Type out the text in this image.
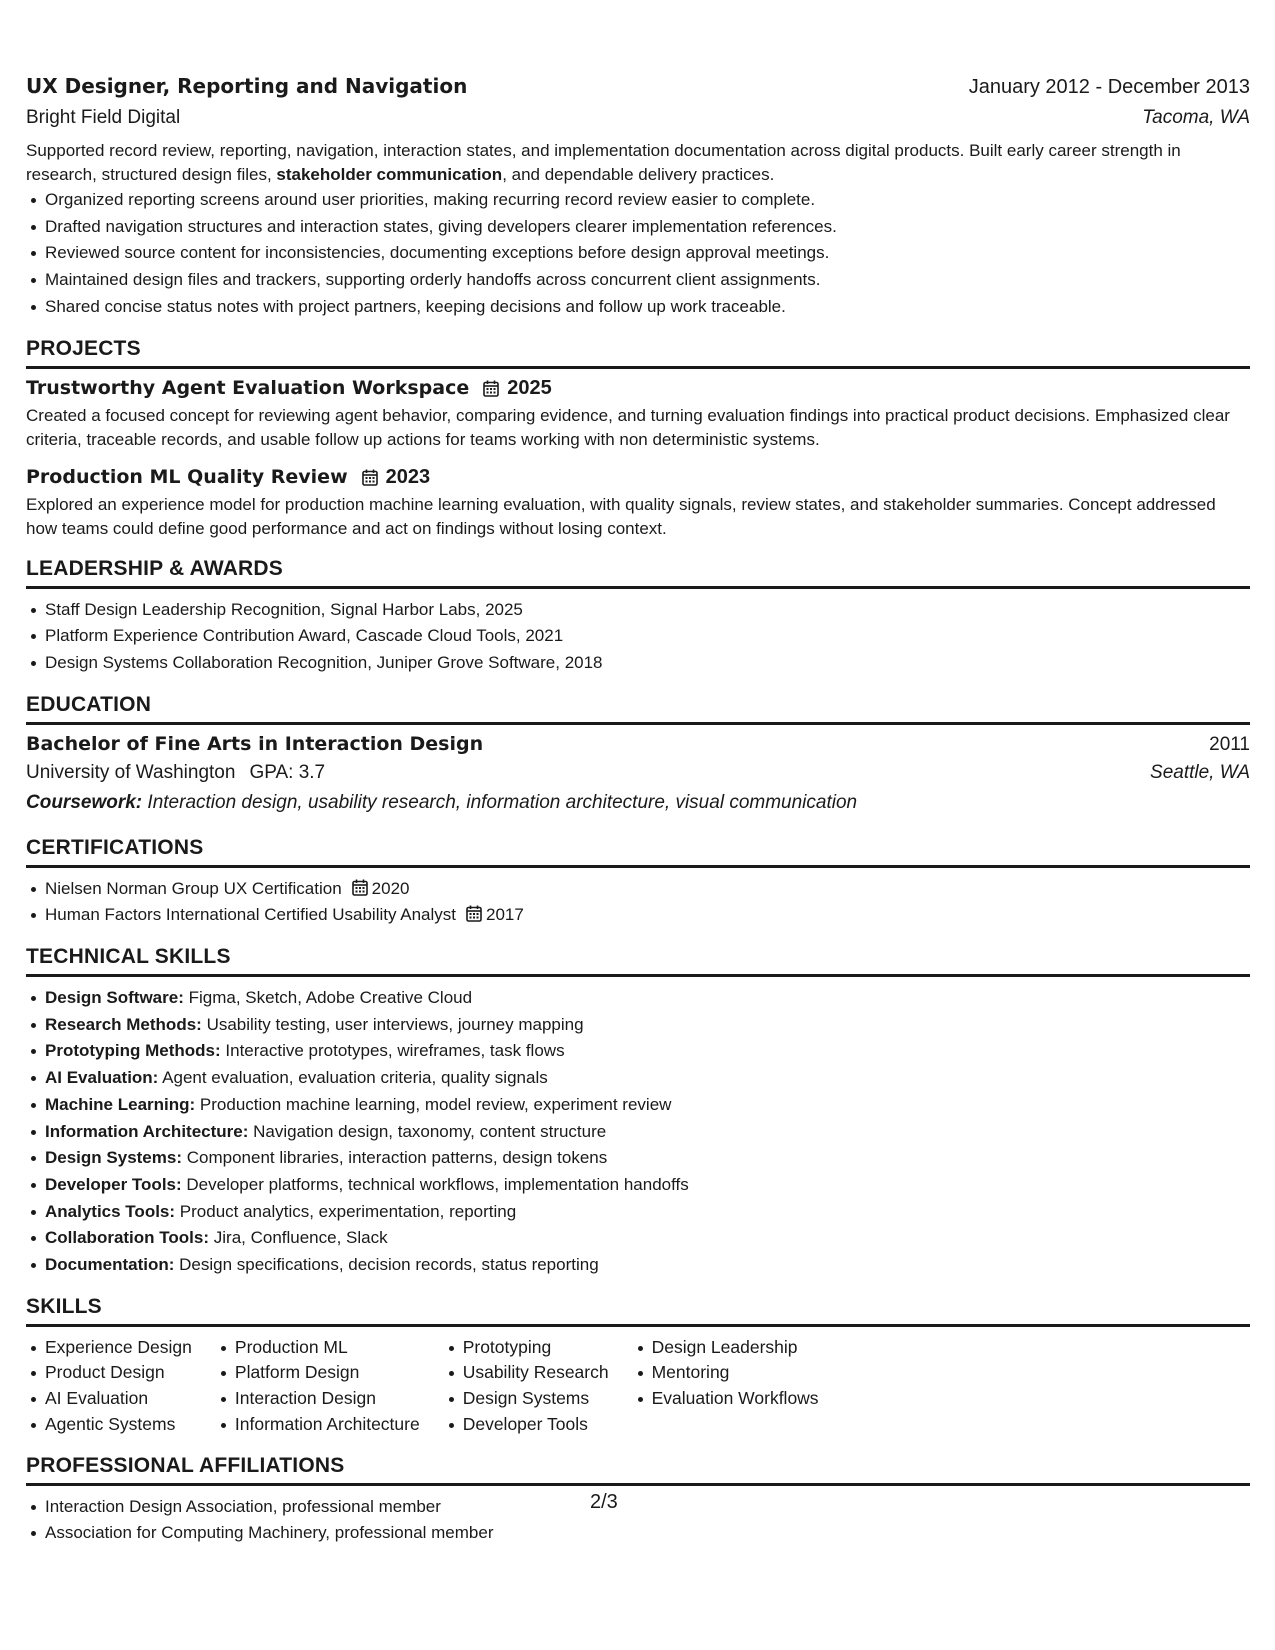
UX Designer, Reporting and Navigation	January 2012 - December 2013
Bright Field Digital	Tacoma, WA
Supported record review, reporting, navigation, interaction states, and implementation documentation across digital products. Built early career strength in research, structured design files, stakeholder communication, and dependable delivery practices.
Organized reporting screens around user priorities, making recurring record review easier to complete.
Drafted navigation structures and interaction states, giving developers clearer implementation references.
Reviewed source content for inconsistencies, documenting exceptions before design approval meetings.
Maintained design files and trackers, supporting orderly handoffs across concurrent client assignments.
Shared concise status notes with project partners, keeping decisions and follow up work traceable.
PROJECTS
Trustworthy Agent Evaluation Workspace 2025
Created a focused concept for reviewing agent behavior, comparing evidence, and turning evaluation findings into practical product decisions. Emphasized clear criteria, traceable records, and usable follow up actions for teams working with non deterministic systems.
Production ML Quality Review 2023
Explored an experience model for production machine learning evaluation, with quality signals, review states, and stakeholder summaries. Concept addressed how teams could define good performance and act on findings without losing context.
LEADERSHIP & AWARDS
Staff Design Leadership Recognition, Signal Harbor Labs, 2025
Platform Experience Contribution Award, Cascade Cloud Tools, 2021
Design Systems Collaboration Recognition, Juniper Grove Software, 2018
EDUCATION
Bachelor of Fine Arts in Interaction Design	2011
University of Washington GPA: 3.7	Seattle, WA
Coursework: Interaction design, usability research, information architecture, visual communication
CERTIFICATIONS
Nielsen Norman Group UX Certification 2020
Human Factors International Certified Usability Analyst 2017
TECHNICAL SKILLS
Design Software: Figma, Sketch, Adobe Creative Cloud
Research Methods: Usability testing, user interviews, journey mapping
Prototyping Methods: Interactive prototypes, wireframes, task flows
AI Evaluation: Agent evaluation, evaluation criteria, quality signals
Machine Learning: Production machine learning, model review, experiment review
Information Architecture: Navigation design, taxonomy, content structure
Design Systems: Component libraries, interaction patterns, design tokens
Developer Tools: Developer platforms, technical workflows, implementation handoffs
Analytics Tools: Product analytics, experimentation, reporting
Collaboration Tools: Jira, Confluence, Slack
Documentation: Design specifications, decision records, status reporting
SKILLS
Experience Design
Product Design
AI Evaluation
Agentic Systems
Production ML
Platform Design
Interaction Design
Information Architecture
Prototyping
Usability Research
Design Systems
Developer Tools
Design Leadership
Mentoring
Evaluation Workflows
PROFESSIONAL AFFILIATIONS
Interaction Design Association, professional member
Association for Computing Machinery, professional member
2/3
